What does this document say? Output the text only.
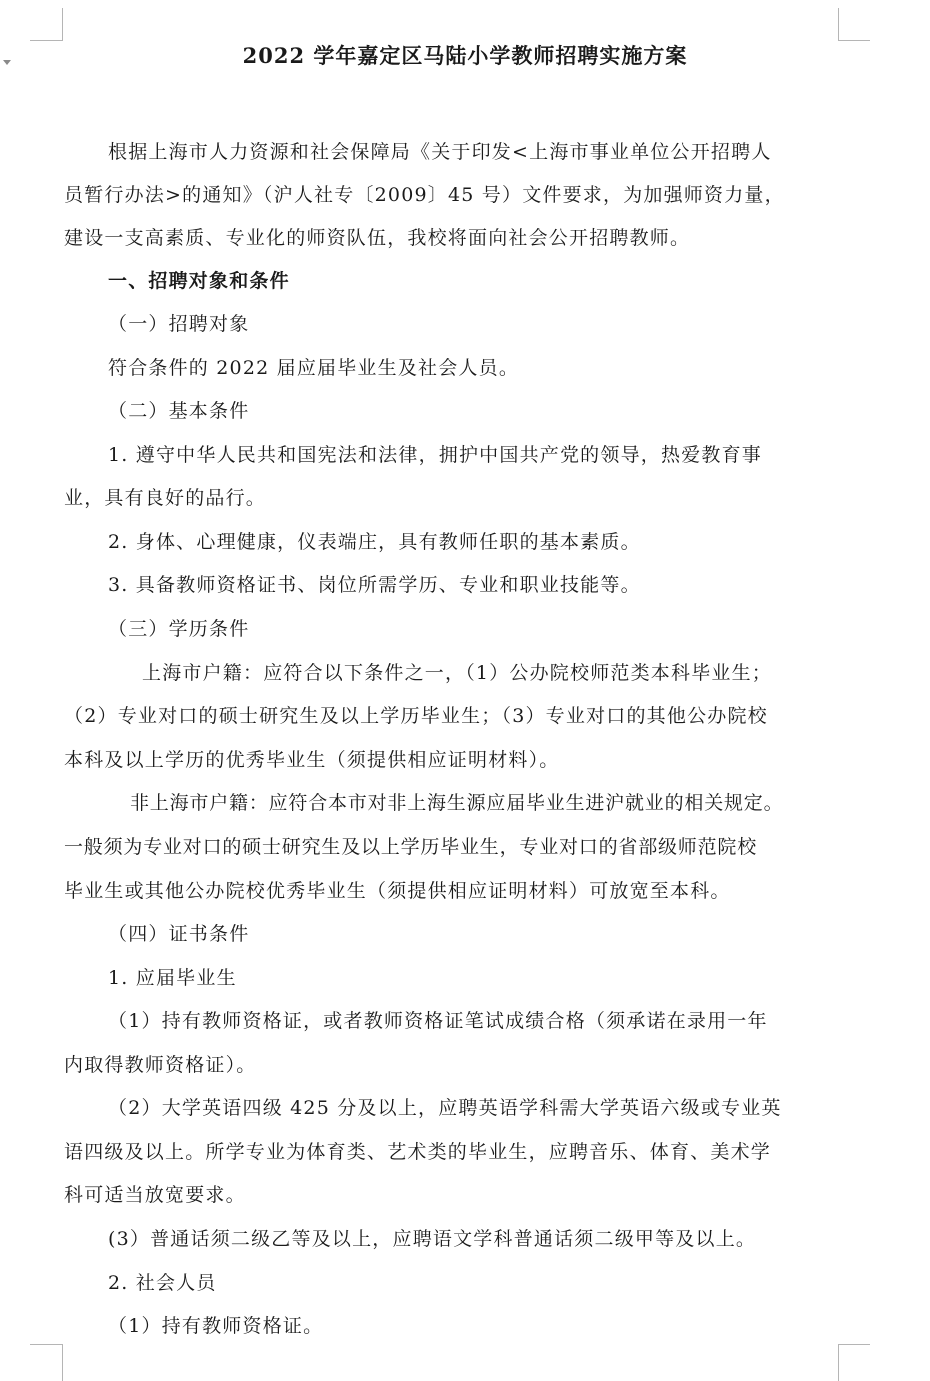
2022 学年嘉定区马陆小学教师招聘实施方案
根据上海市人力资源和社会保障局《关于印发<上海市事业单位公开招聘人
员暂行办法>的通知》（沪人社专〔2009〕45 号）文件要求，为加强师资力量，
建设一支高素质、专业化的师资队伍，我校将面向社会公开招聘教师。
一、招聘对象和条件
（一）招聘对象
符合条件的 2022 届应届毕业生及社会人员。
（二）基本条件
1. 遵守中华人民共和国宪法和法律，拥护中国共产党的领导，热爱教育事
业，具有良好的品行。
2. 身体、心理健康，仪表端庄，具有教师任职的基本素质。
3. 具备教师资格证书、岗位所需学历、专业和职业技能等。
（三）学历条件
上海市户籍：应符合以下条件之一，（1）公办院校师范类本科毕业生；
（2）专业对口的硕士研究生及以上学历毕业生；（3）专业对口的其他公办院校
本科及以上学历的优秀毕业生（须提供相应证明材料）。
非上海市户籍：应符合本市对非上海生源应届毕业生进沪就业的相关规定。
一般须为专业对口的硕士研究生及以上学历毕业生，专业对口的省部级师范院校
毕业生或其他公办院校优秀毕业生（须提供相应证明材料）可放宽至本科。
（四）证书条件
1. 应届毕业生
（1）持有教师资格证，或者教师资格证笔试成绩合格（须承诺在录用一年
内取得教师资格证）。
（2）大学英语四级 425 分及以上，应聘英语学科需大学英语六级或专业英
语四级及以上。所学专业为体育类、艺术类的毕业生，应聘音乐、体育、美术学
科可适当放宽要求。
(3）普通话须二级乙等及以上，应聘语文学科普通话须二级甲等及以上。
2. 社会人员
（1）持有教师资格证。
